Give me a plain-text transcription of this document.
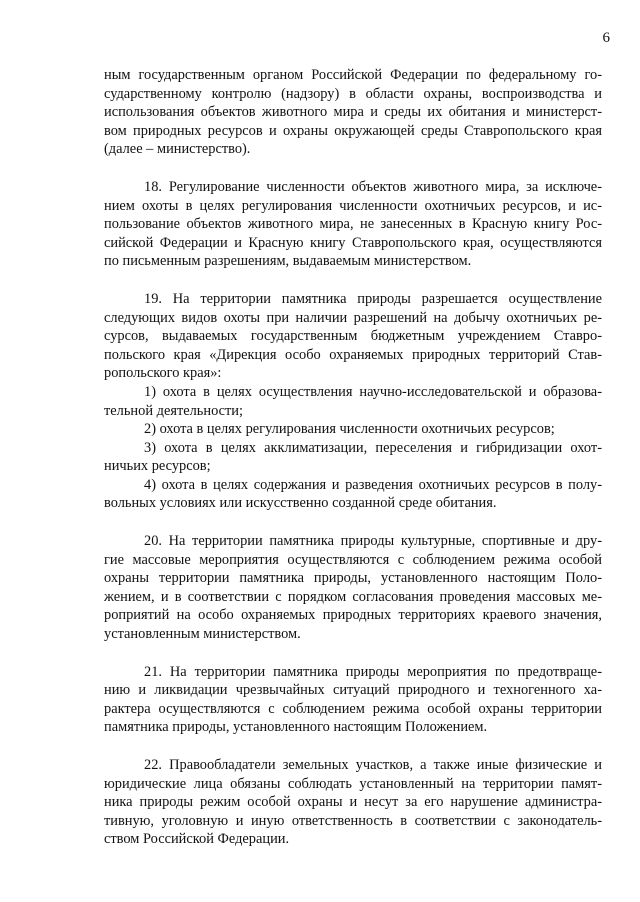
6
ным государственным органом Российской Федерации по федеральному го-
сударственному контролю (надзору) в области охраны, воспроизводства и
использования объектов животного мира и среды их обитания и министерст-
вом природных ресурсов и охраны окружающей среды Ставропольского края
(далее – министерство).
18. Регулирование численности объектов животного мира, за исключе-
нием охоты в целях регулирования численности охотничьих ресурсов, и ис-
пользование объектов животного мира, не занесенных в Красную книгу Рос-
сийской Федерации и Красную книгу Ставропольского края, осуществляются
по письменным разрешениям, выдаваемым министерством.
19. На территории памятника природы разрешается осуществление
следующих видов охоты при наличии разрешений на добычу охотничьих ре-
сурсов, выдаваемых государственным бюджетным учреждением Ставро-
польского края «Дирекция особо охраняемых природных территорий Став-
ропольского края»:
1) охота в целях осуществления научно-исследовательской и образова-
тельной деятельности;
2) охота в целях регулирования численности охотничьих ресурсов;
3) охота в целях акклиматизации, переселения и гибридизации охот-
ничьих ресурсов;
4) охота в целях содержания и разведения охотничьих ресурсов в полу-
вольных условиях или искусственно созданной среде обитания.
20. На территории памятника природы культурные, спортивные и дру-
гие массовые мероприятия осуществляются с соблюдением режима особой
охраны территории памятника природы, установленного настоящим Поло-
жением, и в соответствии с порядком согласования проведения массовых ме-
роприятий на особо охраняемых природных территориях краевого значения,
установленным министерством.
21. На территории памятника природы мероприятия по предотвраще-
нию и ликвидации чрезвычайных ситуаций природного и техногенного ха-
рактера осуществляются с соблюдением режима особой охраны территории
памятника природы, установленного настоящим Положением.
22. Правообладатели земельных участков, а также иные физические и
юридические лица обязаны соблюдать установленный на территории памят-
ника природы режим особой охраны и несут за его нарушение администра-
тивную, уголовную и иную ответственность в соответствии с законодатель-
ством Российской Федерации.
